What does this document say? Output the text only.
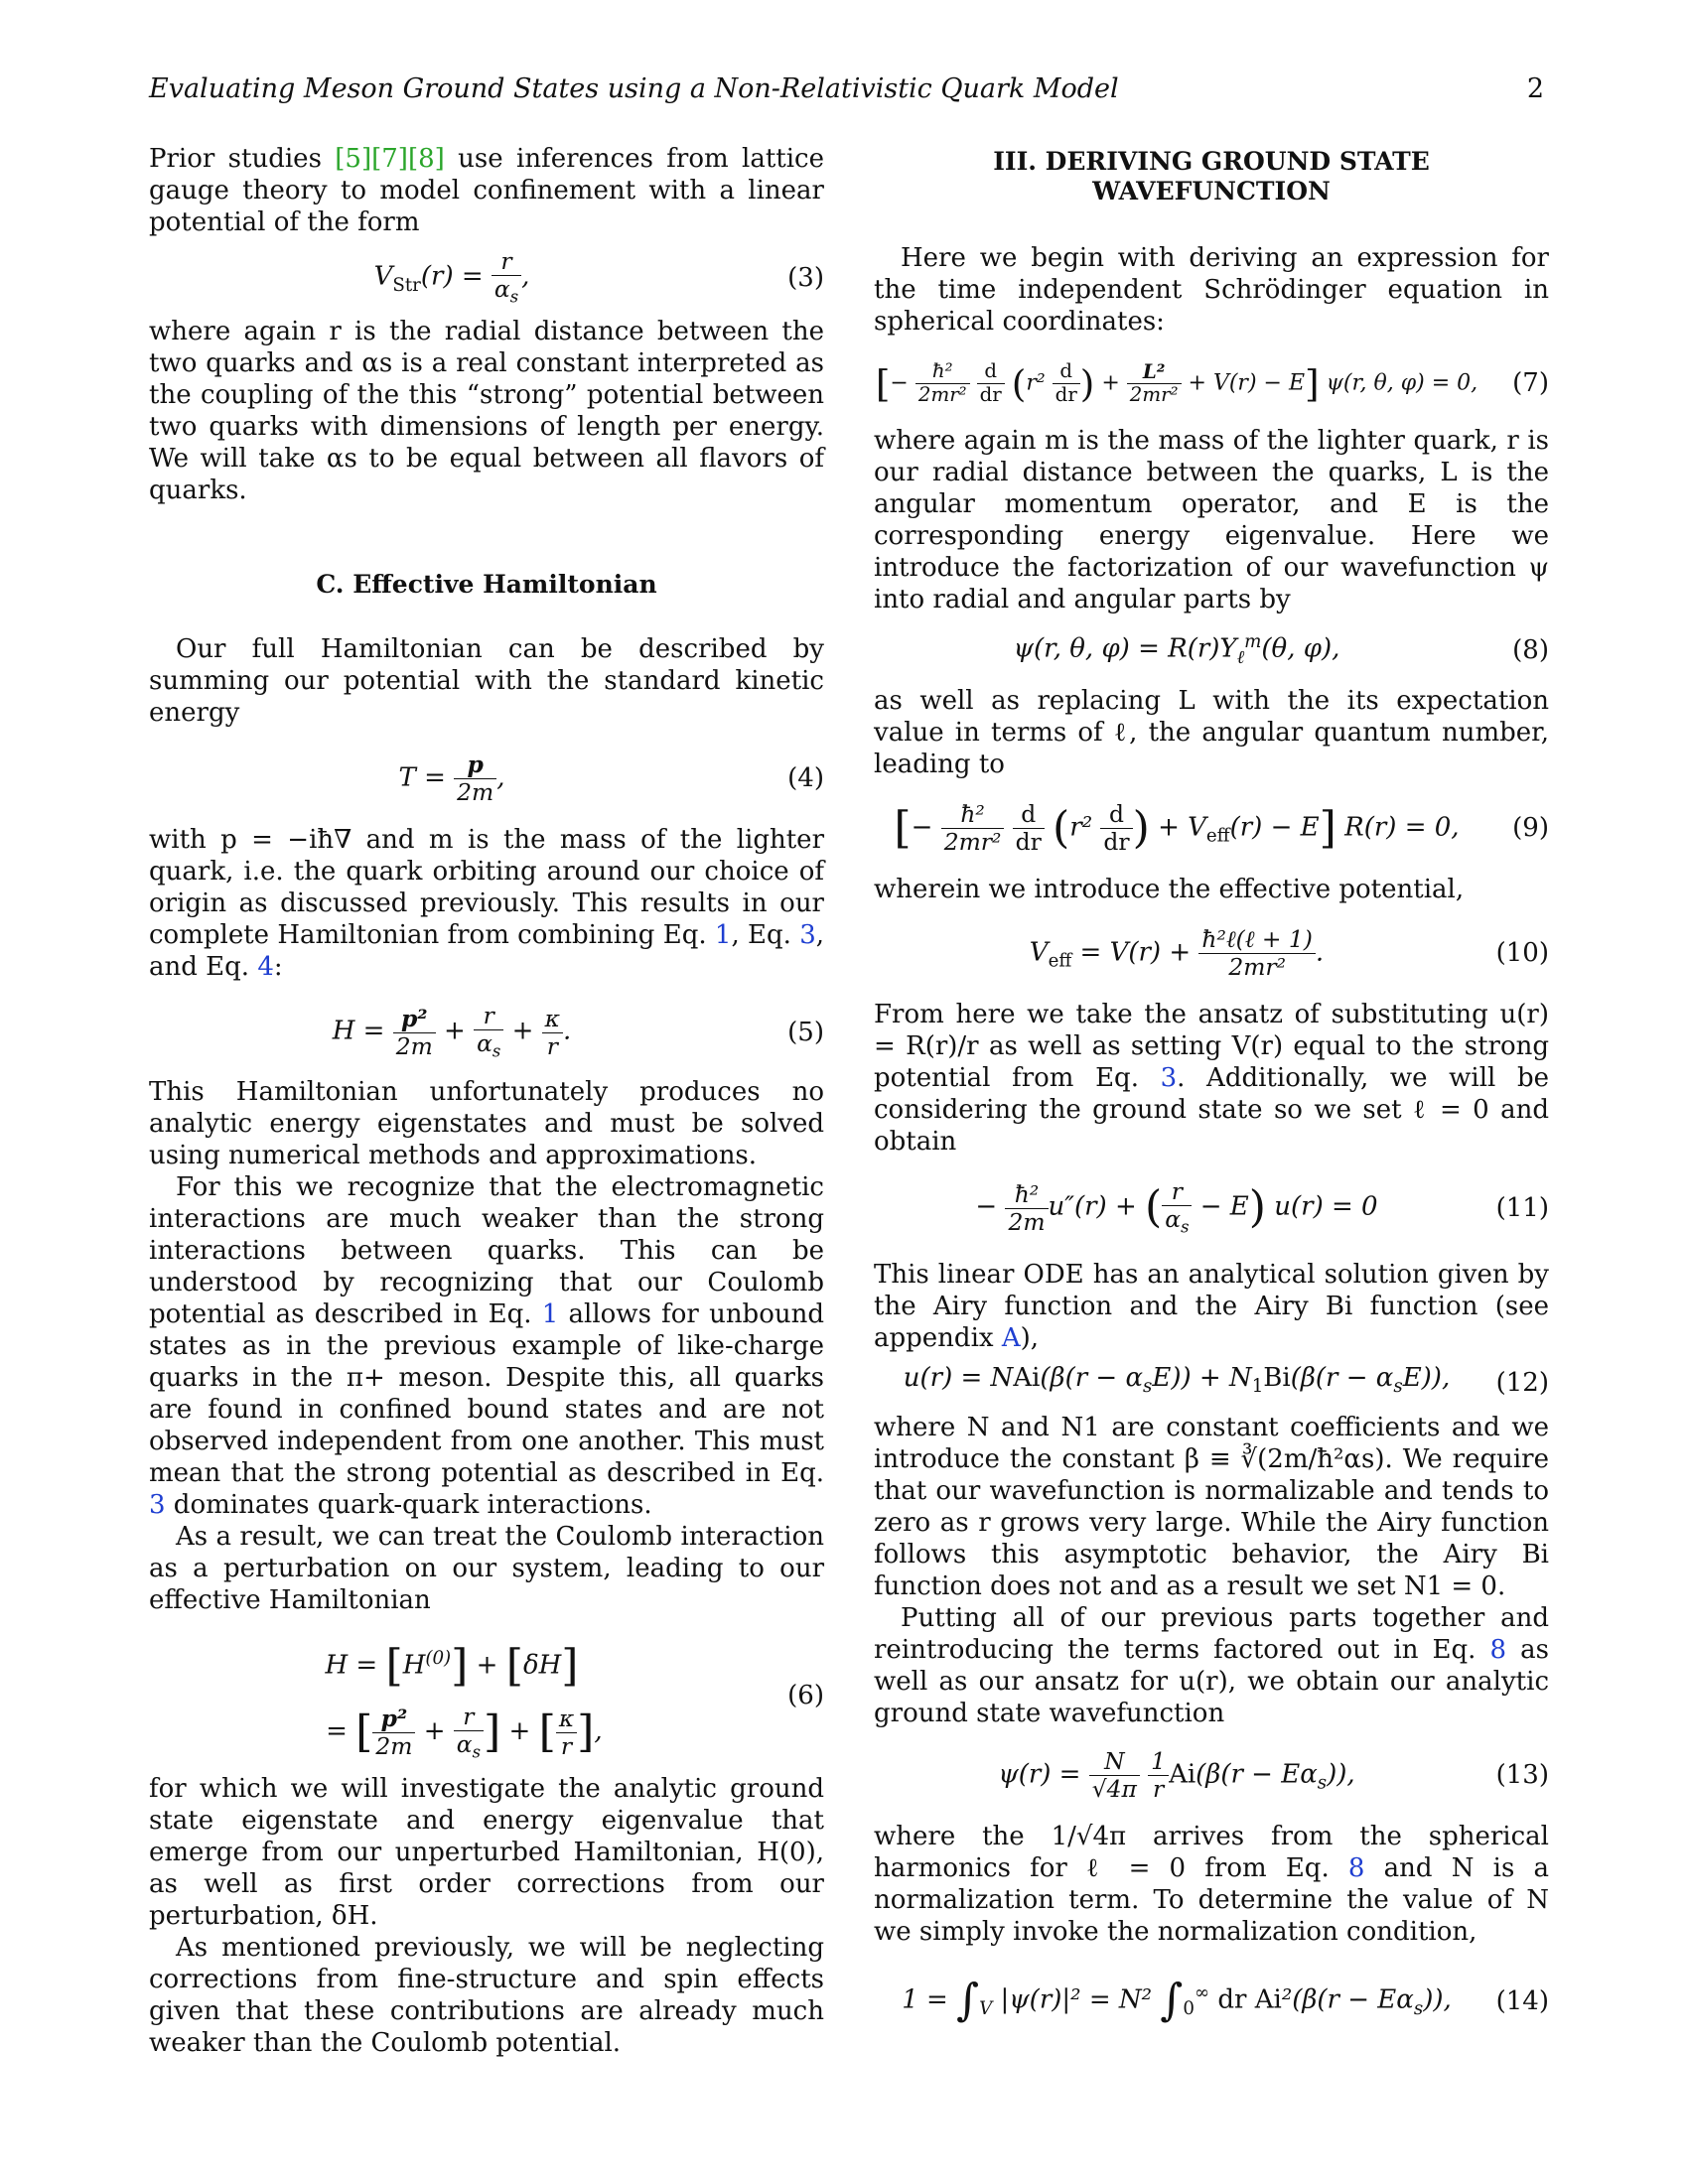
Evaluating Meson Ground States using a Non-Relativistic Quark Model	2

Prior studies [5][7][8] use inferences from lattice gauge theory to model confinement with a linear potential of the form

$V_{Str}(r) = \frac{r}{\alpha_s}$ ,	(3)

where again r is the radial distance between the two quarks and αs is a real constant interpreted as the coupling of the this “strong” potential between two quarks with dimensions of length per energy. We will take αs to be equal between all flavors of quarks.

C. Effective Hamiltonian

Our full Hamiltonian can be described by summing our potential with the standard kinetic energy

$T = \frac{p}{2m}$ ,	(4)

with p = −iħ∇ and m is the mass of the lighter quark, i.e. the quark orbiting around our choice of origin as discussed previously. This results in our complete Hamiltonian from combining Eq. 1, Eq. 3, and Eq. 4:

$H = \frac{\text{p²}}{2m} + \frac{r}{\alpha_s} + \frac{\kappa}{r}$ .	(5)

This Hamiltonian unfortunately produces no analytic energy eigenstates and must be solved using numerical methods and approximations.

For this we recognize that the electromagnetic interactions are much weaker than the strong interactions between quarks. This can be understood by recognizing that our Coulomb potential as described in Eq. 1 allows for unbound states as in the previous example of like-charge quarks in the π+ meson. Despite this, all quarks are found in confined bound states and are not observed independent from one another. This must mean that the strong potential as described in Eq. 3 dominates quark-quark interactions.

As a result, we can treat the Coulomb interaction as a perturbation on our system, leading to our effective Hamiltonian

$H = [H^{(0)}] + [\delta H]$
= [ $\frac{\text{p²}}{2m} + \frac{r}{\alpha_s}$ ] + [ $\frac{\kappa}{r}$ ],
(6)

for which we will investigate the analytic ground state eigenstate and energy eigenvalue that emerge from our unperturbed Hamiltonian, H(0), as well as first order corrections from our perturbation, δH.

As mentioned previously, we will be neglecting corrections from fine-structure and spin effects given that these contributions are already much weaker than the Coulomb potential.

III. DERIVING GROUND STATE WAVEFUNCTION

Here we begin with deriving an expression for the time independent Schrödinger equation in spherical coordinates:

[− $\frac{\text{ħ²}}{\text{2mr²}}$
$\frac{d}{dr} (r^2 \frac{d}{dr}$ ) + $\frac{\text{L²}}{\text{2mr²}} + V(r) - E$] ψ(r, θ, φ) = 0,	(7)

where again m is the mass of the lighter quark, r is our radial distance between the quarks, L is the angular momentum operator, and E is the corresponding energy eigenvalue. Here we introduce the factorization of our wavefunction ψ into radial and angular parts by

ψ(r, θ, $\varphi) = R(r)Y_\ell^m(\theta$, φ),	(8)

as well as replacing L with the its expectation value in terms of ℓ, the angular quantum number, leading to

[− $\frac{\text{ħ²}}{\text{2mr²}}$
$\frac{d}{dr} (r^2 \frac{d}{dr}$ ) + $V_{eff}(r) - E$] R(r) = 0,	(9)

wherein we introduce the effective potential,

$V_{eff} = V(r) + \frac{\text{ħ²ℓ(ℓ + 1)}}{\text{2mr²}}$ .	(10)

From here we take the ansatz of substituting u(r) = R(r)/r as well as setting V(r) equal to the strong potential from Eq. 3. Additionally, we will be considering the ground state so we set ℓ = 0 and obtain

− $\frac{\text{ħ²}}{2m} u''(r)$ + ( $\frac{r}{\alpha_s} - E$) u(r) = 0	(11)

This linear ODE has an analytical solution given by the Airy function and the Airy Bi function (see appendix A),

$u(r) = NAi(\beta(r - \alpha_sE)) + N_1Bi(\beta(r - \alpha_sE))$,	(12)

where N and N1 are constant coefficients and we introduce the constant β ≡ ∛(2m/ħ²αs). We require that our wavefunction is normalizable and tends to zero as r grows very large. While the Airy function follows this asymptotic behavior, the Airy Bi function does not and as a result we set N1 = 0.

Putting all of our previous parts together and reintroducing the terms factored out in Eq. 8 as well as our ansatz for u(r), we obtain our analytic ground state wavefunction

$\psi(r) = \frac{N}{√4\pi}$
$\frac{1}{r} Ai(\beta(r - E\alpha_s))$,	(13)

where the 1/√4π arrives from the spherical harmonics for ℓ = 0 from Eq. 8 and N is a normalization term. To determine the value of N we simply invoke the normalization condition,

$1 = \int_V$ |ψ(r)|² = N² $\int_0^\infty$ dr $Ai^2(\beta(r - E\alpha_s))$,	(14)
